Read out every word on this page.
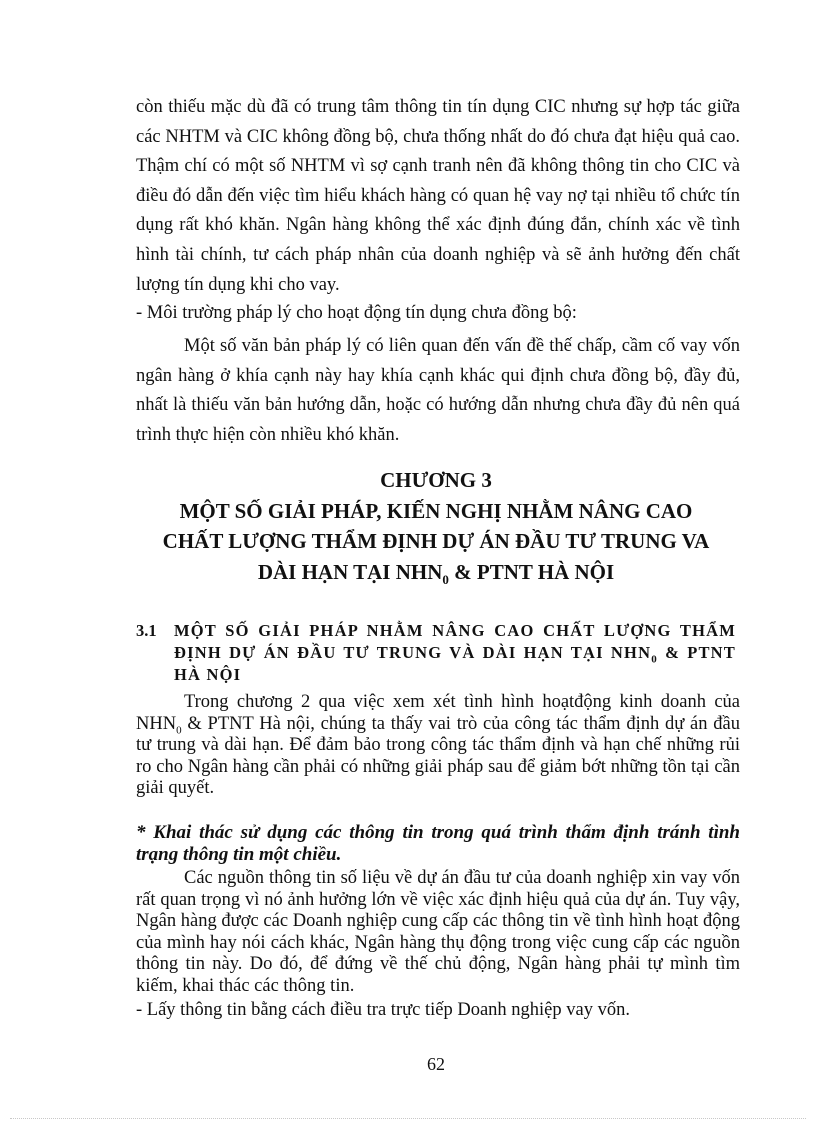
còn thiếu mặc dù đã có trung tâm thông tin tín dụng CIC nhưng sự hợp tác giữa các NHTM và CIC không đồng bộ, chưa thống nhất do đó chưa đạt hiệu quả cao. Thậm chí có một số NHTM vì sợ cạnh tranh nên đã không thông tin cho CIC và điều đó dẫn đến việc tìm hiểu khách hàng có quan hệ vay nợ tại nhiều tổ chức tín dụng rất khó khăn. Ngân hàng không thể xác định đúng đắn, chính xác về tình hình tài chính, tư cách pháp nhân của doanh nghiệp và sẽ ảnh hưởng đến chất lượng tín dụng khi cho vay.

- Môi trường pháp lý cho hoạt động tín dụng chưa đồng bộ:

Một số văn bản pháp lý có liên quan đến vấn đề thế chấp, cầm cố vay vốn ngân hàng ở khía cạnh này hay khía cạnh khác qui định chưa đồng bộ, đầy đủ, nhất là thiếu văn bản hướng dẫn, hoặc có hướng dẫn nhưng chưa đầy đủ nên quá trình thực hiện còn nhiều khó khăn.

CHƯƠNG 3
MỘT SỐ GIẢI PHÁP, KIẾN NGHỊ NHẰM NÂNG CAO
CHẤT LƯỢNG THẨM ĐỊNH DỰ ÁN ĐẦU TƯ TRUNG VA
DÀI HẠN TẠI $NHN_0$ & PTNT HÀ NỘI
3.1 MỘT SỐ GIẢI PHÁP NHẰM NÂNG CAO CHẤT LƯỢNG THẨM ĐỊNH DỰ ÁN ĐẦU TƯ TRUNG VÀ DÀI HẠN TẠI $NHN_0$ & PTNT HÀ NỘI

Trong chương 2 qua việc xem xét tình hình hoạtđộng kinh doanh của $NHN_0$ & PTNT Hà nội, chúng ta thấy vai trò của công tác thẩm định dự án đầu tư trung và dài hạn. Để đảm bảo trong công tác thẩm định và hạn chế những rủi ro cho Ngân hàng cần phải có những giải pháp sau để giảm bớt những tồn tại cần giải quyết.

* Khai thác sử dụng các thông tin trong quá trình thẩm định tránh tình trạng thông tin một chiều.

Các nguồn thông tin số liệu về dự án đầu tư của doanh nghiệp xin vay vốn rất quan trọng vì nó ảnh hưởng lớn về việc xác định hiệu quả của dự án. Tuy vậy, Ngân hàng được các Doanh nghiệp cung cấp các thông tin về tình hình hoạt động của mình hay nói cách khác, Ngân hàng thụ động trong việc cung cấp các nguồn thông tin này. Do đó, để đứng về thế chủ động, Ngân hàng phải tự mình tìm kiếm, khai thác các thông tin.

- Lấy thông tin bằng cách điều tra trực tiếp Doanh nghiệp vay vốn.

62
